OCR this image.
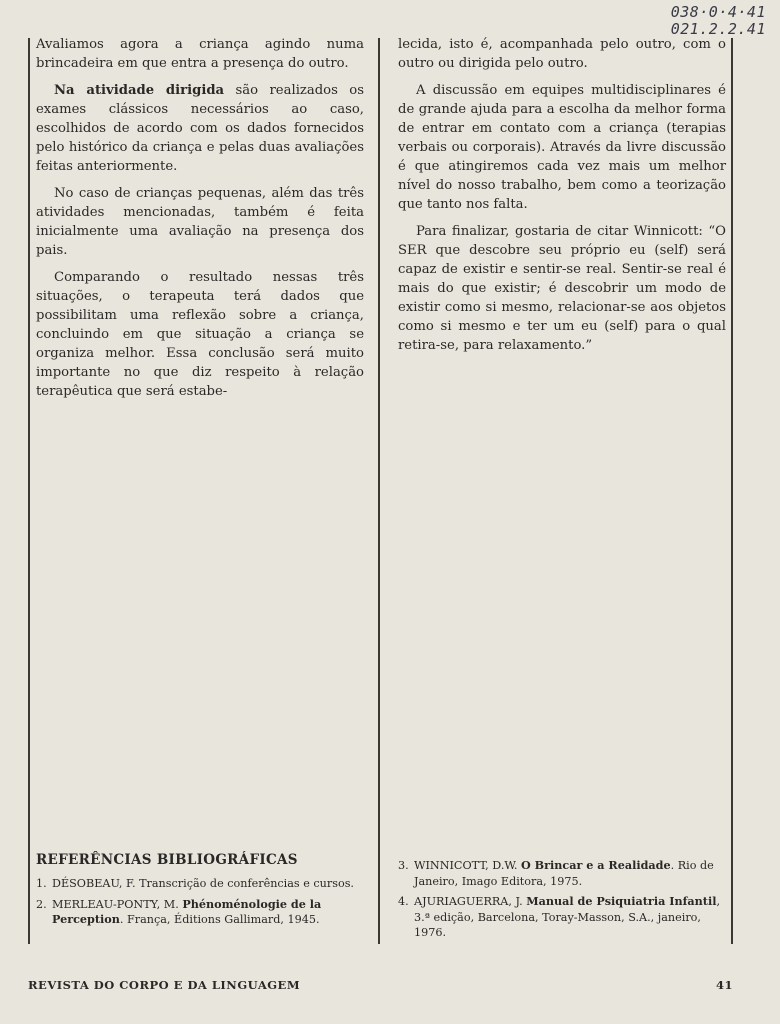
038·0·4·41
021.2.2.41

Avaliamos agora a criança agindo numa brincadeira em que entra a presença do outro.

Na atividade dirigida são realizados os exames clássicos necessários ao caso, escolhidos de acordo com os dados fornecidos pelo histórico da criança e pelas duas avaliações feitas anteriormente.

No caso de crianças pequenas, além das três atividades mencionadas, também é feita inicialmente uma avaliação na presença dos pais.

Comparando o resultado nessas três situações, o terapeuta terá dados que possibilitam uma reflexão sobre a criança, concluindo em que situação a criança se organiza melhor. Essa conclusão será muito importante no que diz respeito à relação terapêutica que será estabe-

lecida, isto é, acompanhada pelo outro, com o outro ou dirigida pelo outro.

A discussão em equipes multidisciplinares é de grande ajuda para a escolha da melhor forma de entrar em contato com a criança (terapias verbais ou corporais). Através da livre discussão é que atingiremos cada vez mais um melhor nível do nosso trabalho, bem como a teorização que tanto nos falta.

Para finalizar, gostaria de citar Winnicott: “O SER que descobre seu próprio eu (self) será capaz de existir e sentir-se real. Sentir-se real é mais do que existir; é descobrir um modo de existir como si mesmo, relacionar-se aos objetos como si mesmo e ter um eu (self) para o qual retira-se, para relaxamento.”

REFERÊNCIAS BIBLIOGRÁFICAS
1. DÉSOBEAU, F. Transcrição de conferências e cursos.
2. MERLEAU-PONTY, M. Phénoménologie de la Perception. França, Éditions Gallimard, 1945.
3. WINNICOTT, D.W. O Brincar e a Realidade. Rio de Janeiro, Imago Editora, 1975.
4. AJURIAGUERRA, J. Manual de Psiquiatria Infantil, 3.ª edição, Barcelona, Toray-Masson, S.A., janeiro, 1976.
REVISTA DO CORPO E DA LINGUAGEM	41
